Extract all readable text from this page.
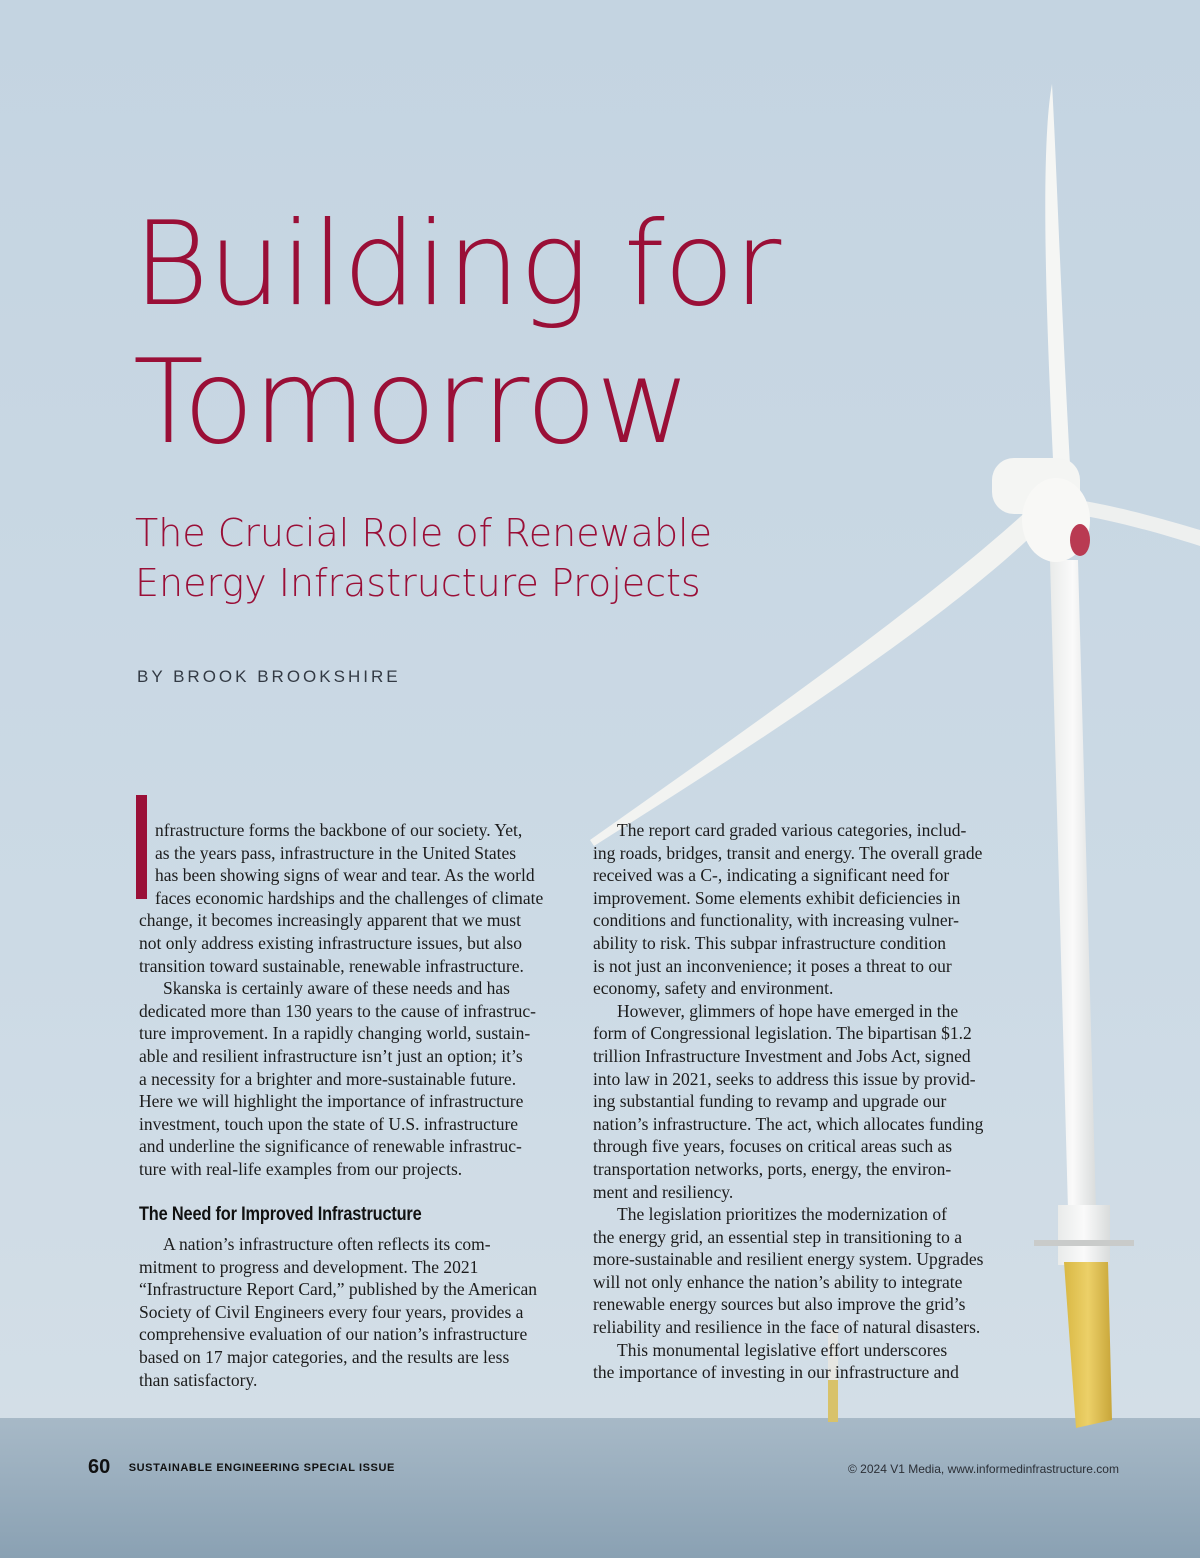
Building for
Tomorrow
The Crucial Role of Renewable
Energy Infrastructure Projects
BY BROOK BROOKSHIRE
nfrastructure forms the backbone of our society. Yet,
as the years pass, infrastructure in the United States
has been showing signs of wear and tear. As the world
faces economic hardships and the challenges of climate
change, it becomes increasingly apparent that we must
not only address existing infrastructure issues, but also
transition toward sustainable, renewable infrastructure.
Skanska is certainly aware of these needs and has
dedicated more than 130 years to the cause of infrastruc-
ture improvement. In a rapidly changing world, sustain-
able and resilient infrastructure isn’t just an option; it’s
a necessity for a brighter and more-sustainable future.
Here we will highlight the importance of infrastructure
investment, touch upon the state of U.S. infrastructure
and underline the significance of renewable infrastruc-
ture with real-life examples from our projects.
The Need for Improved Infrastructure
A nation’s infrastructure often reflects its com-
mitment to progress and development. The 2021
“Infrastructure Report Card,” published by the American
Society of Civil Engineers every four years, provides a
comprehensive evaluation of our nation’s infrastructure
based on 17 major categories, and the results are less
than satisfactory.
The report card graded various categories, includ-
ing roads, bridges, transit and energy. The overall grade
received was a C-, indicating a significant need for
improvement. Some elements exhibit deficiencies in
conditions and functionality, with increasing vulner-
ability to risk. This subpar infrastructure condition
is not just an inconvenience; it poses a threat to our
economy, safety and environment.
However, glimmers of hope have emerged in the
form of Congressional legislation. The bipartisan $1.2
trillion Infrastructure Investment and Jobs Act, signed
into law in 2021, seeks to address this issue by provid-
ing substantial funding to revamp and upgrade our
nation’s infrastructure. The act, which allocates funding
through five years, focuses on critical areas such as
transportation networks, ports, energy, the environ-
ment and resiliency.
The legislation prioritizes the modernization of
the energy grid, an essential step in transitioning to a
more-sustainable and resilient energy system. Upgrades
will not only enhance the nation’s ability to integrate
renewable energy sources but also improve the grid’s
reliability and resilience in the face of natural disasters.
This monumental legislative effort underscores
the importance of investing in our infrastructure and
60 SUSTAINABLE ENGINEERING SPECIAL ISSUE	© 2024 V1 Media, www.informedinfrastructure.com
